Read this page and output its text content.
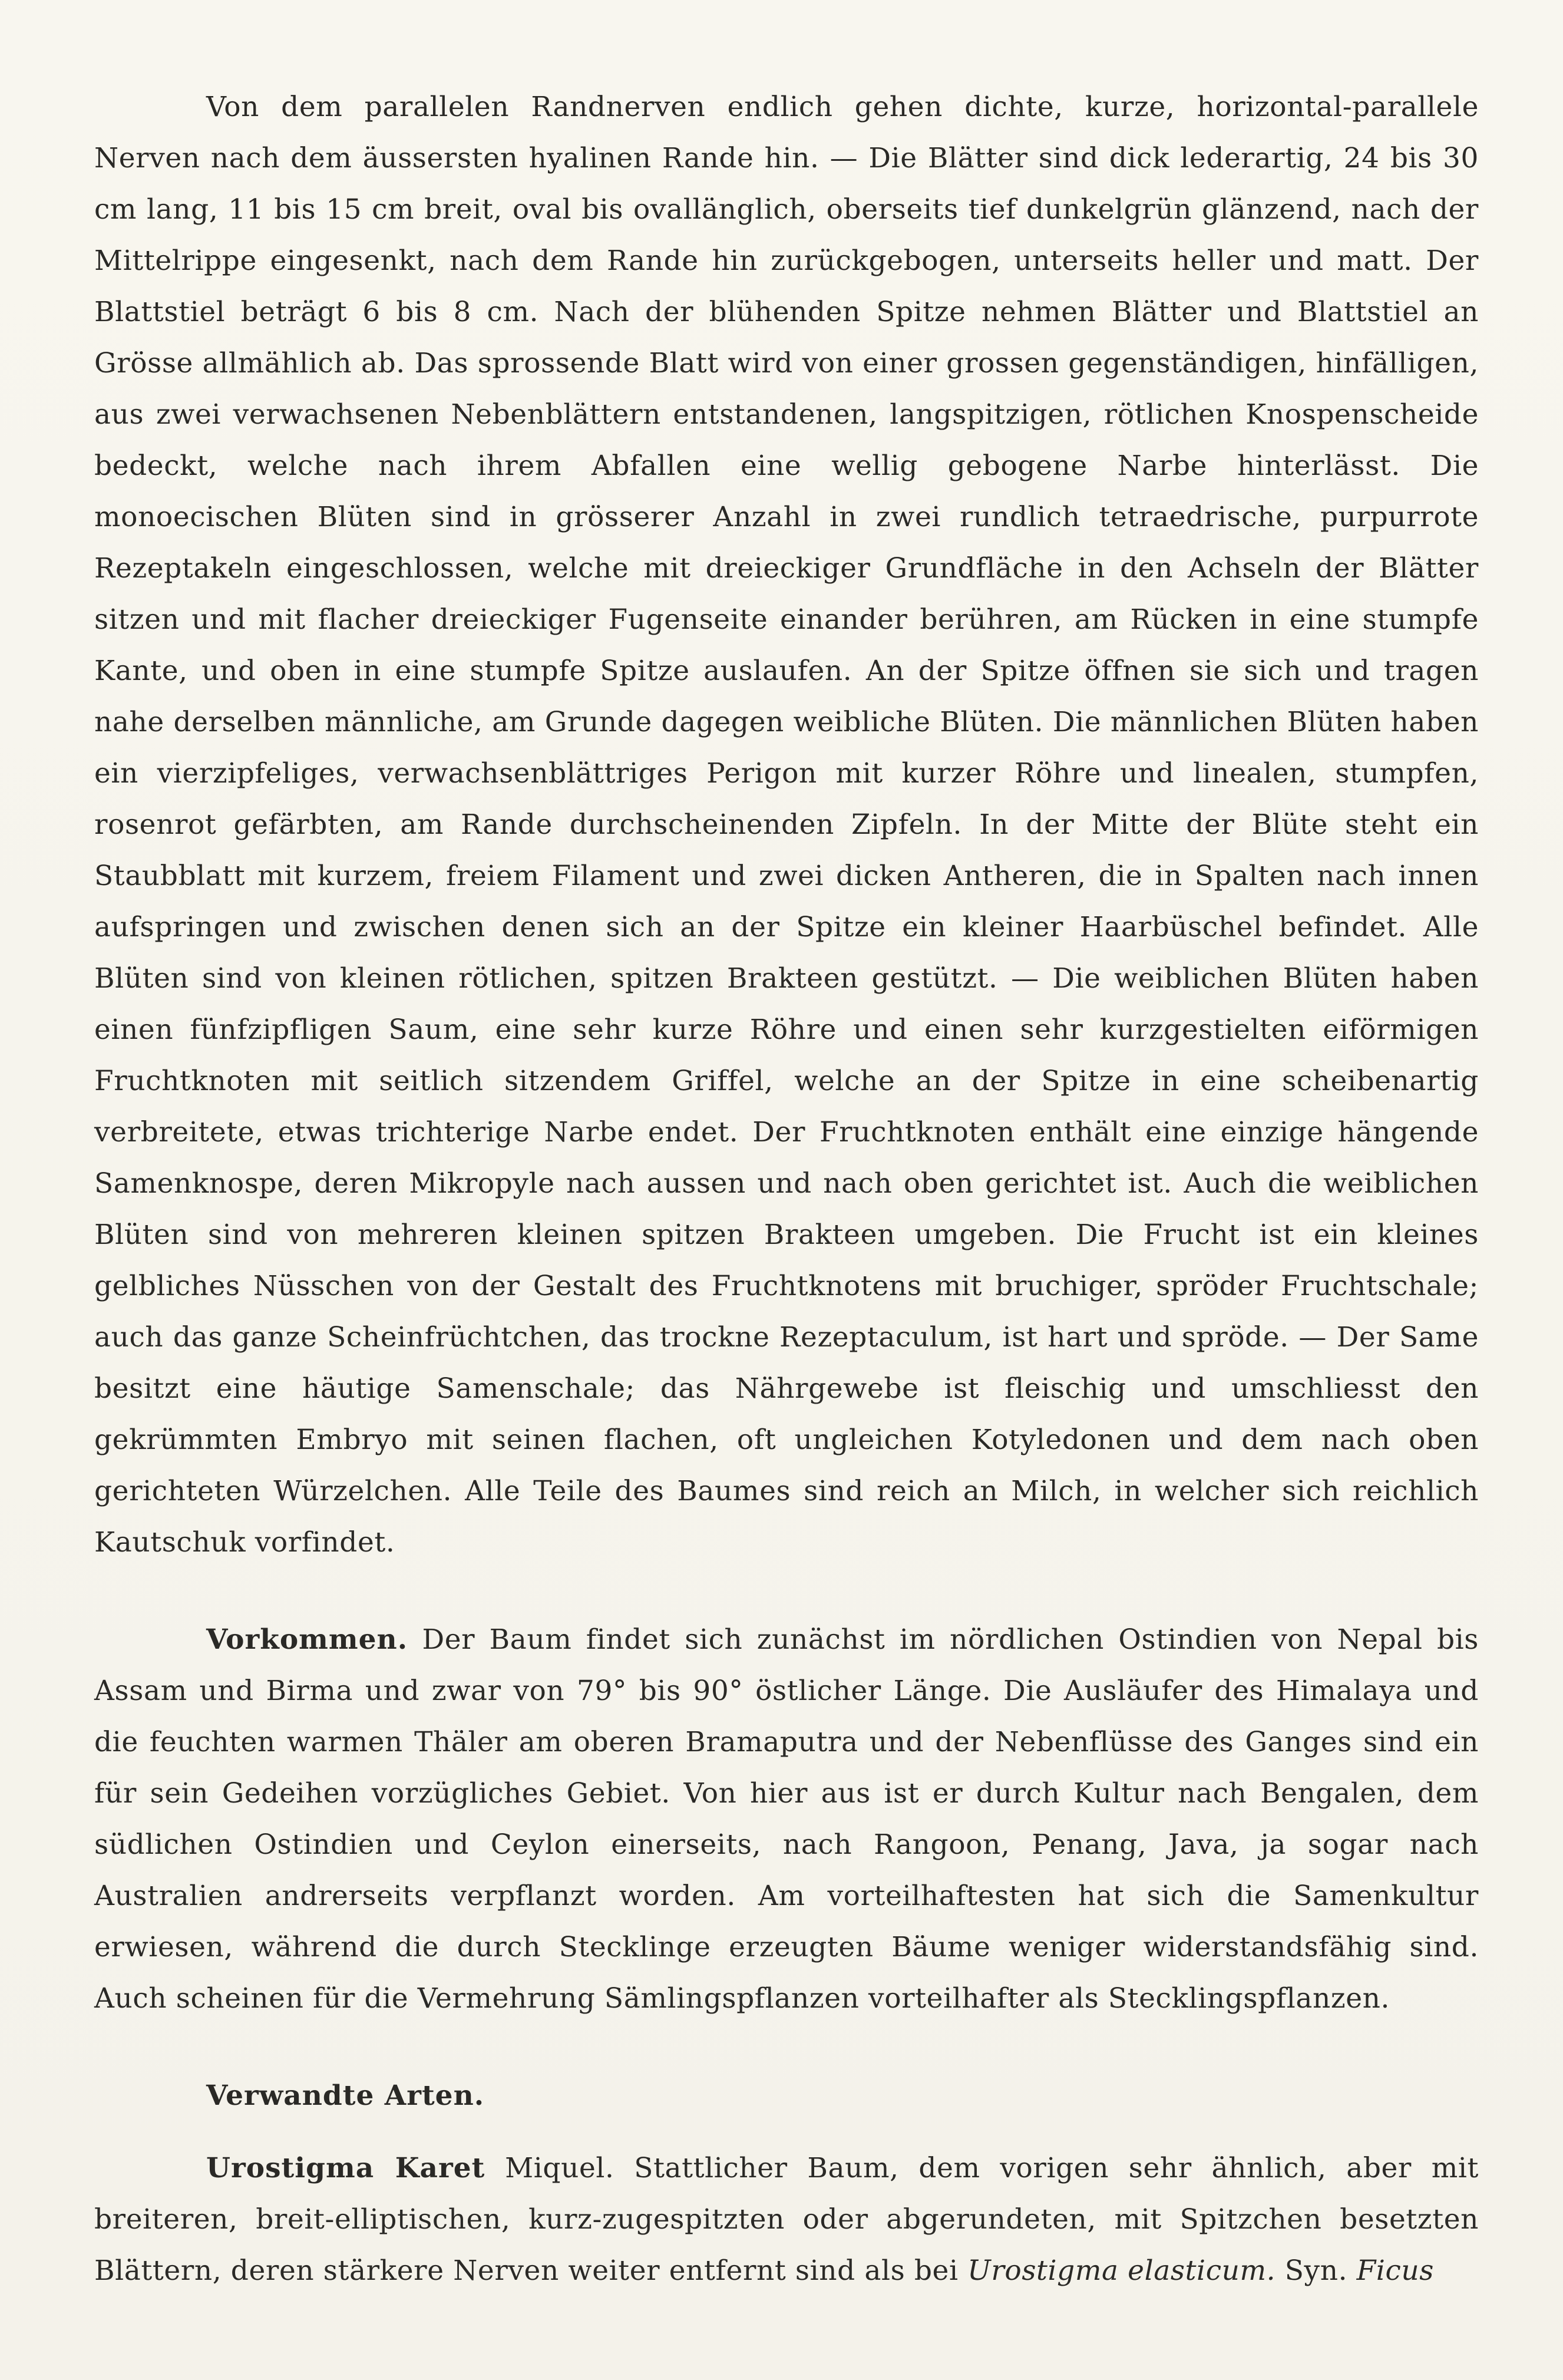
Von dem parallelen Randnerven endlich gehen dichte, kurze, horizontal-parallele Nerven nach dem äussersten hyalinen Rande hin. — Die Blätter sind dick lederartig, 24 bis 30 cm lang, 11 bis 15 cm breit, oval bis ovallänglich, oberseits tief dunkelgrün glänzend, nach der Mittelrippe eingesenkt, nach dem Rande hin zurückgebogen, unterseits heller und matt. Der Blattstiel beträgt 6 bis 8 cm. Nach der blühenden Spitze nehmen Blätter und Blattstiel an Grösse allmählich ab. Das sprossende Blatt wird von einer grossen gegenständigen, hinfälligen, aus zwei verwachsenen Nebenblättern entstandenen, langspitzigen, rötlichen Knospenscheide bedeckt, welche nach ihrem Abfallen eine wellig gebogene Narbe hinterlässt. Die monoecischen Blüten sind in grösserer Anzahl in zwei rundlich tetraedrische, purpurrote Rezeptakeln eingeschlossen, welche mit dreieckiger Grundfläche in den Achseln der Blätter sitzen und mit flacher dreieckiger Fugenseite einander berühren, am Rücken in eine stumpfe Kante, und oben in eine stumpfe Spitze auslaufen. An der Spitze öffnen sie sich und tragen nahe derselben männliche, am Grunde dagegen weibliche Blüten. Die männlichen Blüten haben ein vierzipfeliges, verwachsenblättriges Perigon mit kurzer Röhre und linealen, stumpfen, rosenrot gefärbten, am Rande durchscheinenden Zipfeln. In der Mitte der Blüte steht ein Staubblatt mit kurzem, freiem Filament und zwei dicken Antheren, die in Spalten nach innen aufspringen und zwischen denen sich an der Spitze ein kleiner Haarbüschel befindet. Alle Blüten sind von kleinen rötlichen, spitzen Brakteen gestützt. — Die weiblichen Blüten haben einen fünfzipfligen Saum, eine sehr kurze Röhre und einen sehr kurzgestielten eiförmigen Fruchtknoten mit seitlich sitzendem Griffel, welche an der Spitze in eine scheibenartig verbreitete, etwas trichterige Narbe endet. Der Fruchtknoten enthält eine einzige hängende Samenknospe, deren Mikropyle nach aussen und nach oben gerichtet ist. Auch die weiblichen Blüten sind von mehreren kleinen spitzen Brakteen umgeben. Die Frucht ist ein kleines gelbliches Nüsschen von der Gestalt des Fruchtknotens mit bruchiger, spröder Fruchtschale; auch das ganze Scheinfrüchtchen, das trockne Rezeptaculum, ist hart und spröde. — Der Same besitzt eine häutige Samenschale; das Nährgewebe ist fleischig und umschliesst den gekrümmten Embryo mit seinen flachen, oft ungleichen Kotyledonen und dem nach oben gerichteten Würzelchen. Alle Teile des Baumes sind reich an Milch, in welcher sich reichlich Kautschuk vorfindet.

Vorkommen. Der Baum findet sich zunächst im nördlichen Ostindien von Nepal bis Assam und Birma und zwar von 79° bis 90° östlicher Länge. Die Ausläufer des Himalaya und die feuchten warmen Thäler am oberen Bramaputra und der Nebenflüsse des Ganges sind ein für sein Gedeihen vorzügliches Gebiet. Von hier aus ist er durch Kultur nach Bengalen, dem südlichen Ostindien und Ceylon einerseits, nach Rangoon, Penang, Java, ja sogar nach Australien andrerseits verpflanzt worden. Am vorteilhaftesten hat sich die Samenkultur erwiesen, während die durch Stecklinge erzeugten Bäume weniger widerstandsfähig sind. Auch scheinen für die Vermehrung Sämlingspflanzen vorteilhafter als Stecklingspflanzen.

Verwandte Arten.

Urostigma Karet Miquel. Stattlicher Baum, dem vorigen sehr ähnlich, aber mit breiteren, breit-elliptischen, kurz-zugespitzten oder abgerundeten, mit Spitzchen besetzten Blättern, deren stärkere Nerven weiter entfernt sind als bei Urostigma elasticum. Syn. Ficus
